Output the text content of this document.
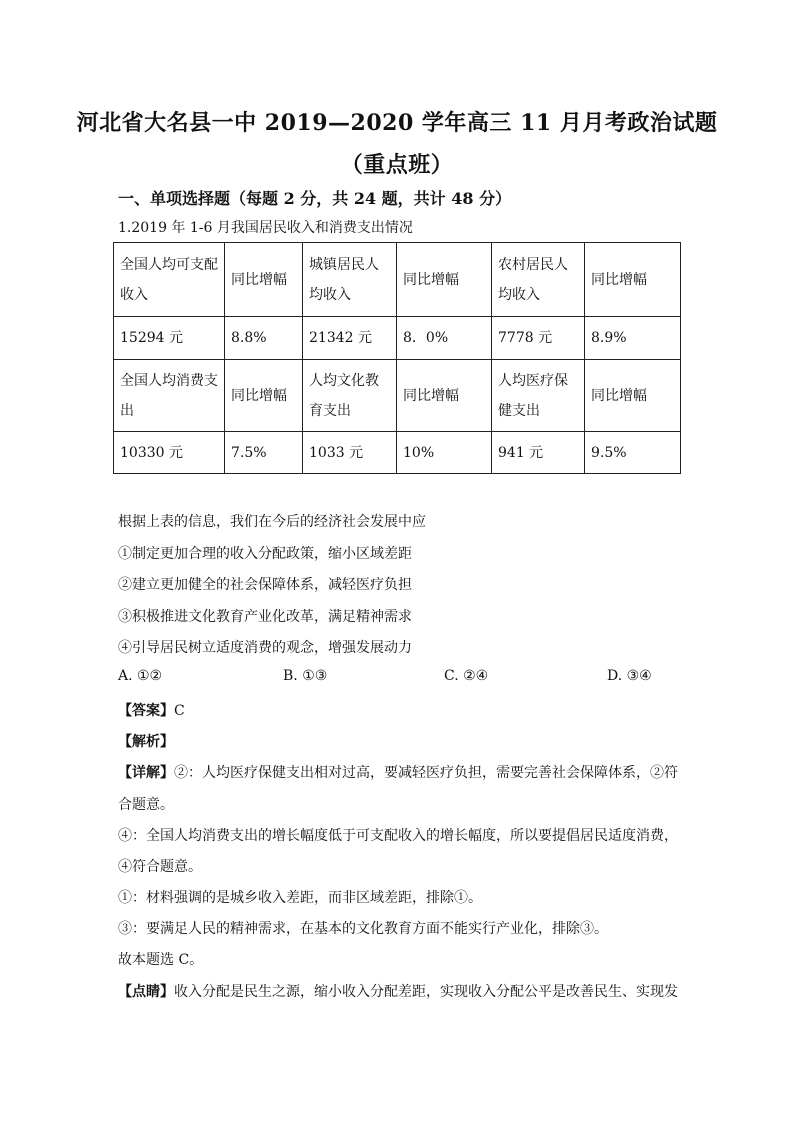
河北省大名县一中 2019—2020 学年高三 11 月月考政治试题
（重点班）
一、单项选择题（每题 2 分，共 24 题，共计 48 分）
1.2019 年 1-6 月我国居民收入和消费支出情况
全国人均可支配收入	同比增幅	城镇居民人均收入	同比增幅	农村居民人均收入	同比增幅
15294 元	8.8%	21342 元	8．0%	7778 元	8.9%
全国人均消费支出	同比增幅	人均文化教育支出	同比增幅	人均医疗保健支出	同比增幅
10330 元	7.5%	1033 元	10%	941 元	9.5%
根据上表的信息，我们在今后的经济社会发展中应
①制定更加合理的收入分配政策，缩小区域差距
②建立更加健全的社会保障体系，减轻医疗负担
③积极推进文化教育产业化改革，满足精神需求
④引导居民树立适度消费的观念，增强发展动力
A. ①②	B. ①③	C. ②④	D. ③④
【答案】C
【解析】
【详解】②：人均医疗保健支出相对过高，要减轻医疗负担，需要完善社会保障体系，②符
合题意。
④：全国人均消费支出的增长幅度低于可支配收入的增长幅度，所以要提倡居民适度消费，
④符合题意。
①：材料强调的是城乡收入差距，而非区域差距，排除①。
③：要满足人民的精神需求，在基本的文化教育方面不能实行产业化，排除③。
故本题选 C。
【点睛】收入分配是民生之源，缩小收入分配差距，实现收入分配公平是改善民生、实现发
